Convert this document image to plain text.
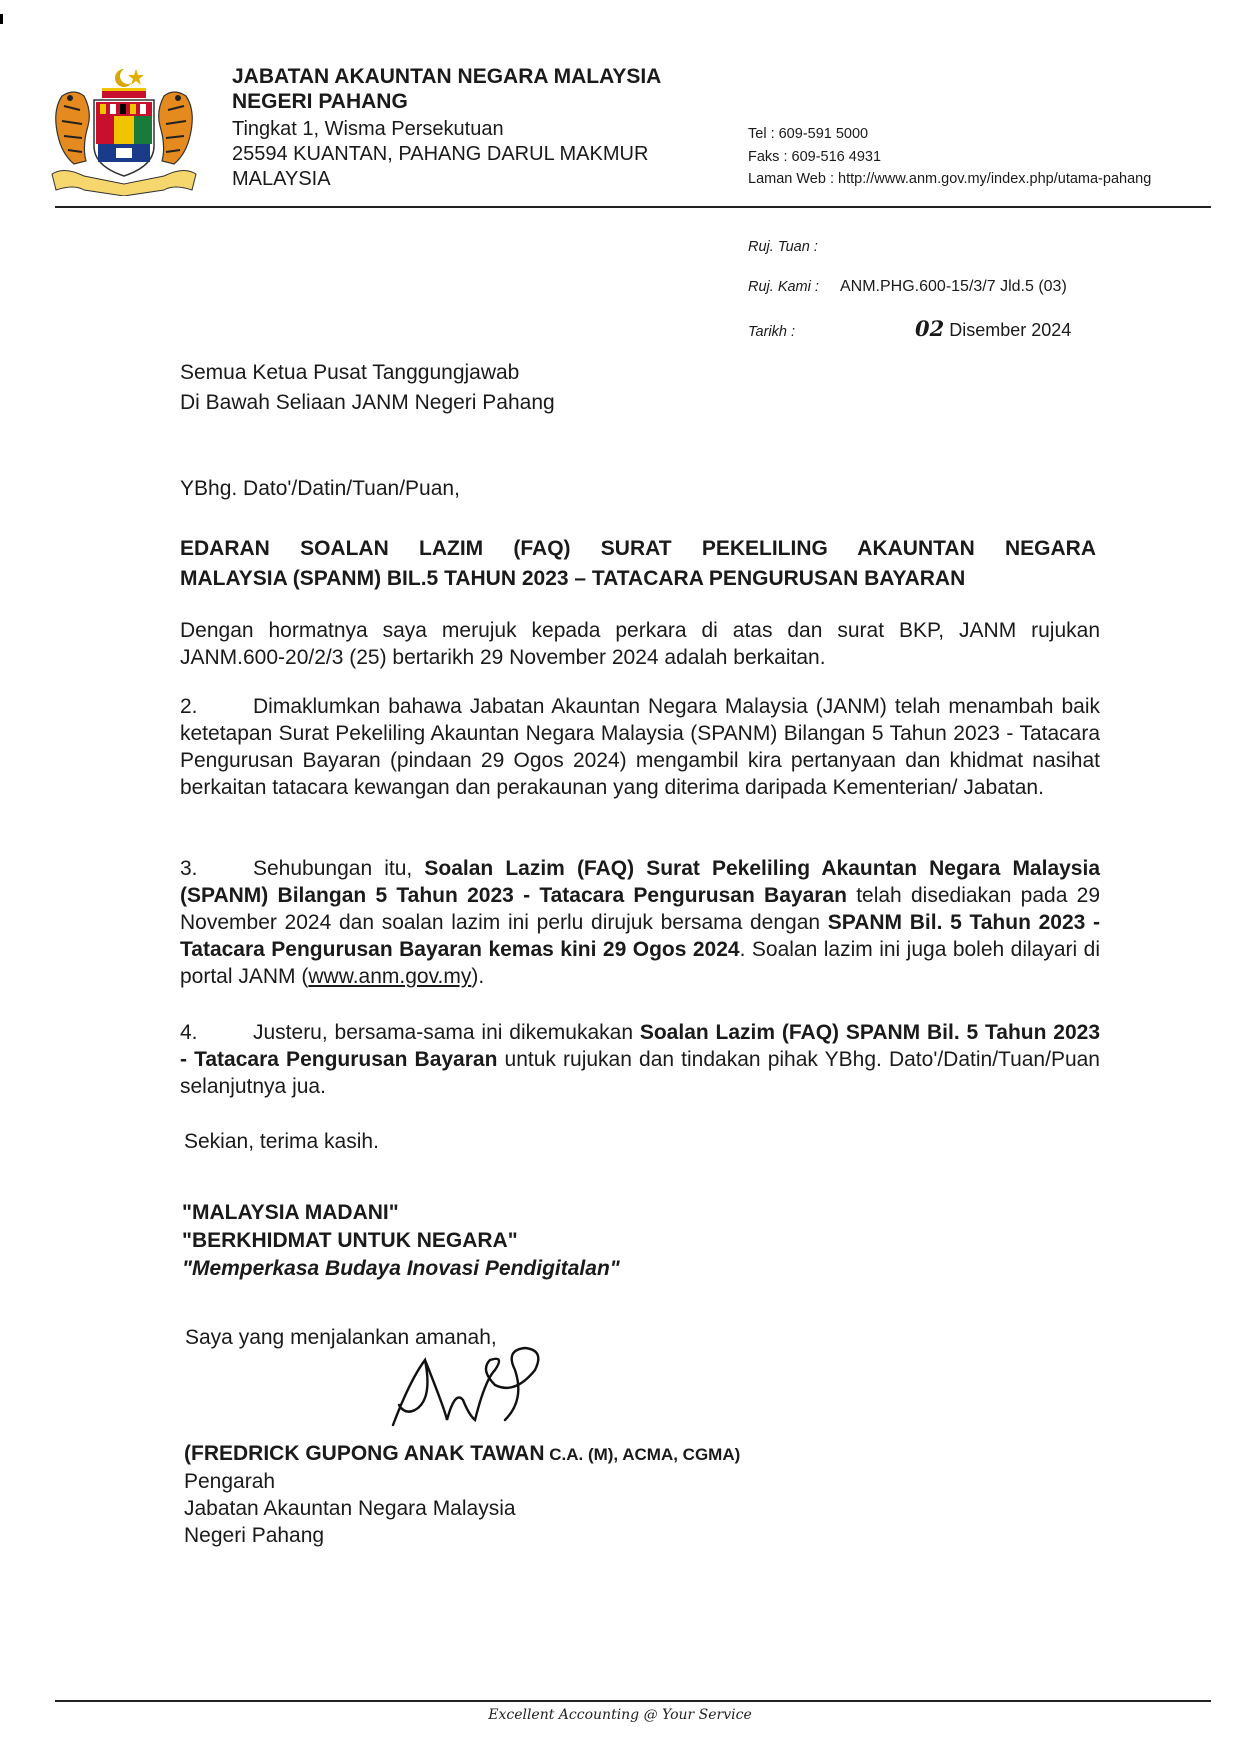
JABATAN AKAUNTAN NEGARA MALAYSIA
NEGERI PAHANG
Tingkat 1, Wisma Persekutuan
25594 KUANTAN, PAHANG DARUL MAKMUR
MALAYSIA
Tel : 609-591 5000
Faks : 609-516 4931
Laman Web : http://www.anm.gov.my/index.php/utama-pahang
Ruj. Tuan :
Ruj. Kami : ANM.PHG.600-15/3/7 Jld.5 (03)
Tarikh :	02 Disember 2024
Semua Ketua Pusat Tanggungjawab
Di Bawah Seliaan JANM Negeri Pahang
YBhg. Dato'/Datin/Tuan/Puan,
EDARAN SOALAN LAZIM (FAQ) SURAT PEKELILING AKAUNTAN NEGARA
MALAYSIA (SPANM) BIL.5 TAHUN 2023 – TATACARA PENGURUSAN BAYARAN
Dengan hormatnya saya merujuk kepada perkara di atas dan surat BKP, JANM rujukan JANM.600-20/2/3 (25) bertarikh 29 November 2024 adalah berkaitan.
2.	Dimaklumkan bahawa Jabatan Akauntan Negara Malaysia (JANM) telah menambah baik ketetapan Surat Pekeliling Akauntan Negara Malaysia (SPANM) Bilangan 5 Tahun 2023 - Tatacara Pengurusan Bayaran (pindaan 29 Ogos 2024) mengambil kira pertanyaan dan khidmat nasihat berkaitan tatacara kewangan dan perakaunan yang diterima daripada Kementerian/ Jabatan.
3.	Sehubungan itu, Soalan Lazim (FAQ) Surat Pekeliling Akauntan Negara Malaysia (SPANM) Bilangan 5 Tahun 2023 - Tatacara Pengurusan Bayaran telah disediakan pada 29 November 2024 dan soalan lazim ini perlu dirujuk bersama dengan SPANM Bil. 5 Tahun 2023 - Tatacara Pengurusan Bayaran kemas kini 29 Ogos 2024. Soalan lazim ini juga boleh dilayari di portal JANM (www.anm.gov.my).
4.	Justeru, bersama-sama ini dikemukakan Soalan Lazim (FAQ) SPANM Bil. 5 Tahun 2023 - Tatacara Pengurusan Bayaran untuk rujukan dan tindakan pihak YBhg. Dato'/Datin/Tuan/Puan selanjutnya jua.
Sekian, terima kasih.
"MALAYSIA MADANI"
"BERKHIDMAT UNTUK NEGARA"
"Memperkasa Budaya Inovasi Pendigitalan"
Saya yang menjalankan amanah,
(FREDRICK GUPONG ANAK TAWAN C.A. (M), ACMA, CGMA)
Pengarah
Jabatan Akauntan Negara Malaysia
Negeri Pahang
Excellent Accounting @ Your Service
